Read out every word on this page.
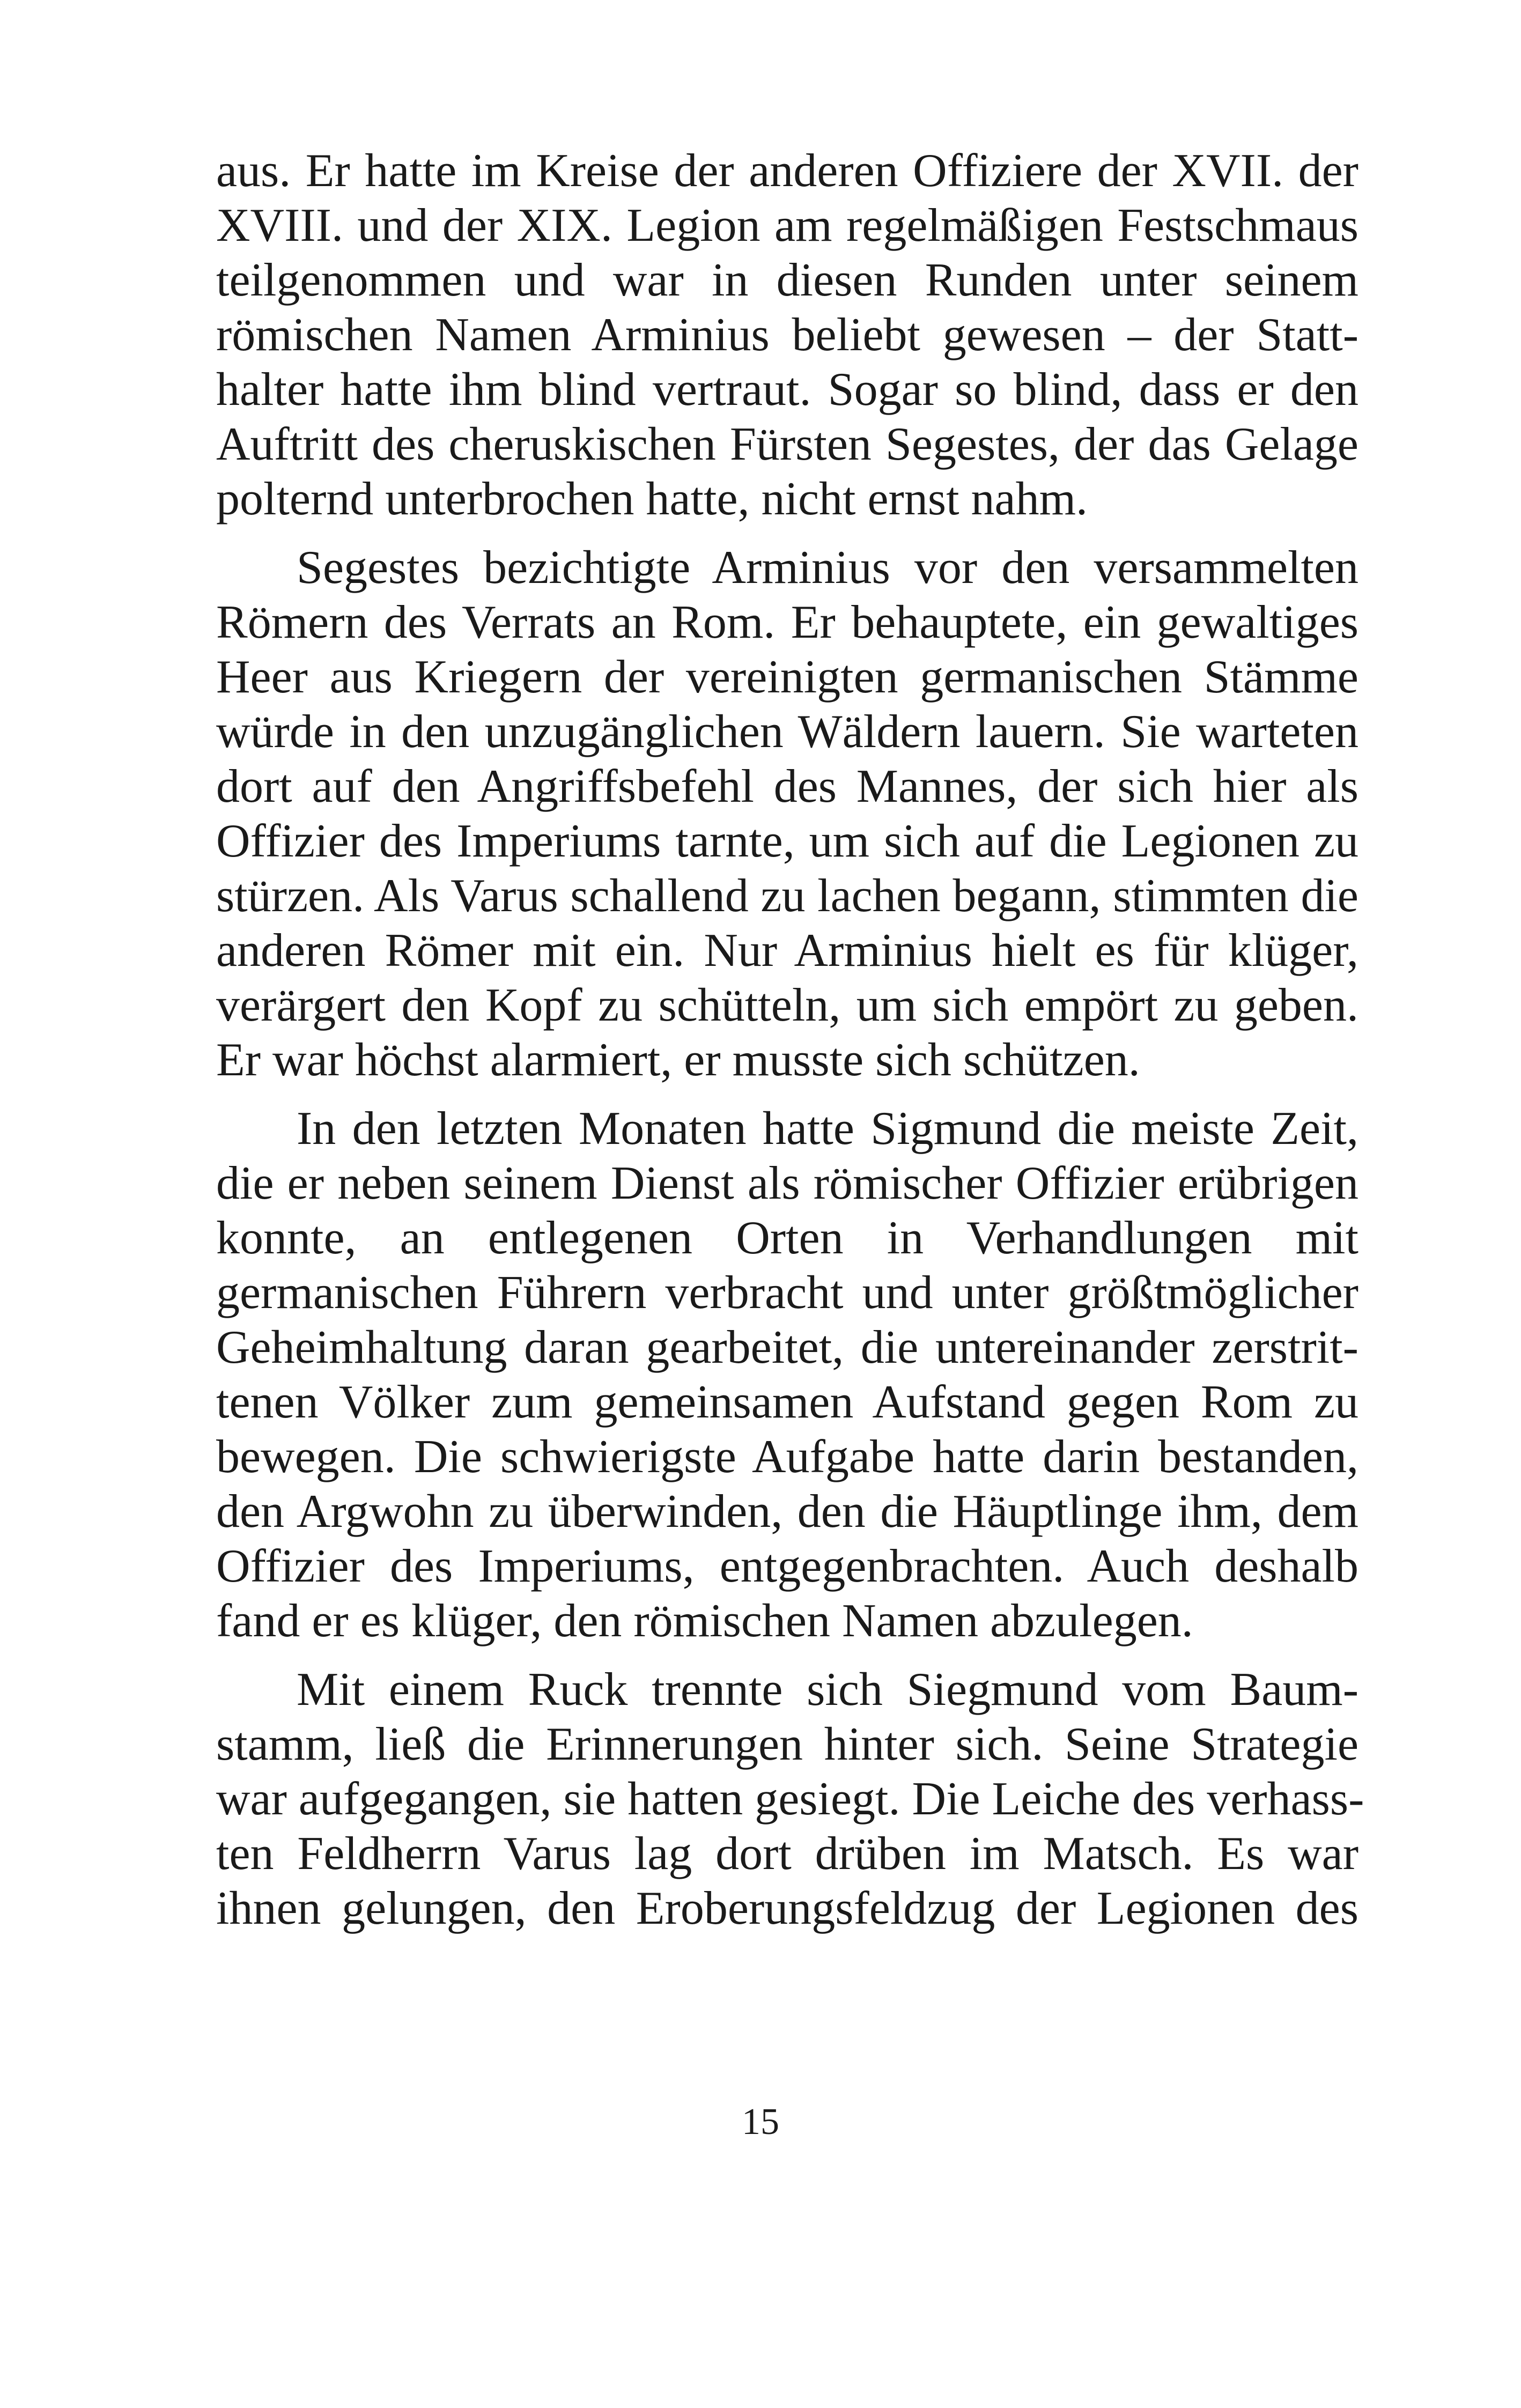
aus. Er hatte im Kreise der anderen Offiziere der XVII. der
XVIII. und der XIX. Legion am regelmäßigen Festschmaus
teilgenommen und war in diesen Runden unter seinem
römischen Namen Arminius beliebt gewesen – der Statt-
halter hatte ihm blind vertraut. Sogar so blind, dass er den
Auftritt des cheruskischen Fürsten Segestes, der das Gelage
polternd unterbrochen hatte, nicht ernst nahm.
Segestes bezichtigte Arminius vor den versammelten
Römern des Verrats an Rom. Er behauptete, ein gewaltiges
Heer aus Kriegern der vereinigten germanischen Stämme
würde in den unzugänglichen Wäldern lauern. Sie warteten
dort auf den Angriffsbefehl des Mannes, der sich hier als
Offizier des Imperiums tarnte, um sich auf die Legionen zu
stürzen. Als Varus schallend zu lachen begann, stimmten die
anderen Römer mit ein. Nur Arminius hielt es für klüger,
verärgert den Kopf zu schütteln, um sich empört zu geben.
Er war höchst alarmiert, er musste sich schützen.
In den letzten Monaten hatte Sigmund die meiste Zeit,
die er neben seinem Dienst als römischer Offizier erübrigen
konnte, an entlegenen Orten in Verhandlungen mit
germanischen Führern verbracht und unter größtmöglicher
Geheimhaltung daran gearbeitet, die untereinander zerstrit-
tenen Völker zum gemeinsamen Aufstand gegen Rom zu
bewegen. Die schwierigste Aufgabe hatte darin bestanden,
den Argwohn zu überwinden, den die Häuptlinge ihm, dem
Offizier des Imperiums, entgegenbrachten. Auch deshalb
fand er es klüger, den römischen Namen abzulegen.
Mit einem Ruck trennte sich Siegmund vom Baum-
stamm, ließ die Erinnerungen hinter sich. Seine Strategie
war aufgegangen, sie hatten gesiegt. Die Leiche des verhass-
ten Feldherrn Varus lag dort drüben im Matsch. Es war
ihnen gelungen, den Eroberungsfeldzug der Legionen des
15
